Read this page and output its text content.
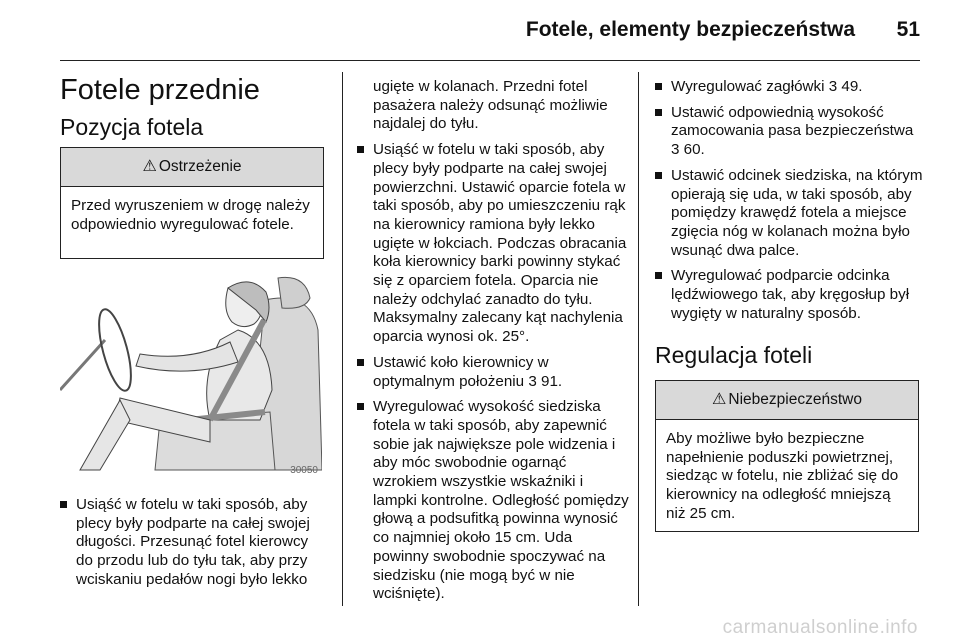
Fotele, elementy bezpieczeństwa 51
Fotele przednie
Pozycja fotela
⚠ Ostrzeżenie
Przed wyruszeniem w drogę należy odpowiednio wyregulować fotele.
30050
Usiąść w fotelu w taki sposób, aby plecy były podparte na całej swojej długości. Przesunąć fotel kierowcy do przodu lub do tyłu tak, aby przy wciskaniu pedałów nogi było lekko
ugięte w kolanach. Przedni fotel pasażera należy odsunąć możliwie najdalej do tyłu.
Usiąść w fotelu w taki sposób, aby plecy były podparte na całej swojej powierzchni. Ustawić oparcie fotela w taki sposób, aby po umieszczeniu rąk na kierownicy ramiona były lekko ugięte w łokciach. Podczas obracania koła kierownicy barki powinny stykać się z oparciem fotela. Oparcia nie należy odchylać zanadto do tyłu. Maksymalny zalecany kąt nachylenia oparcia wynosi ok. 25°.
Ustawić koło kierownicy w optymalnym położeniu 3 91.
Wyregulować wysokość siedziska fotela w taki sposób, aby zapewnić sobie jak największe pole widzenia i aby móc swobodnie ogarnąć wzrokiem wszystkie wskaźniki i lampki kontrolne. Odległość pomiędzy głową a podsufitką powinna wynosić co najmniej około 15 cm. Uda powinny swobodnie spoczywać na siedzisku (nie mogą być w nie wciśnięte).
Wyregulować zagłówki 3 49.
Ustawić odpowiednią wysokość zamocowania pasa bezpieczeństwa 3 60.
Ustawić odcinek siedziska, na którym opierają się uda, w taki sposób, aby pomiędzy krawędź fotela a miejsce zgięcia nóg w kolanach można było wsunąć dwa palce.
Wyregulować podparcie odcinka lędźwiowego tak, aby kręgosłup był wygięty w naturalny sposób.
Regulacja foteli
⚠ Niebezpieczeństwo
Aby możliwe było bezpieczne napełnienie poduszki powietrznej, siedząc w fotelu, nie zbliżać się do kierownicy na odległość mniejszą niż 25 cm.
carmanualsonline.info
